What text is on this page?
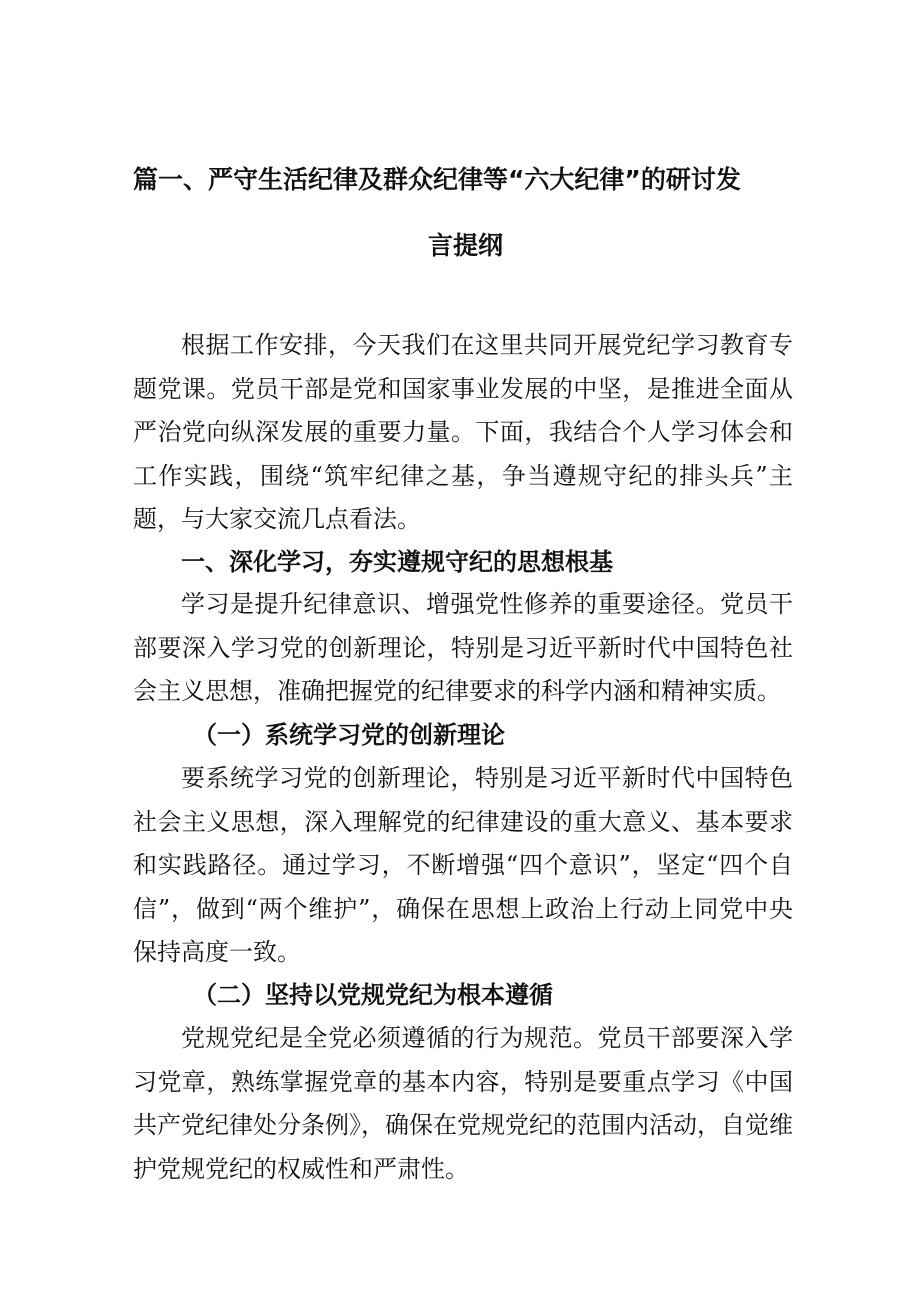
篇一、严守生活纪律及群众纪律等“六大纪律”的研讨发
言提纲

根据工作安排，今天我们在这里共同开展党纪学习教育专题党课。党员干部是党和国家事业发展的中坚，是推进全面从严治党向纵深发展的重要力量。下面，我结合个人学习体会和工作实践，围绕“筑牢纪律之基，争当遵规守纪的排头兵”主题，与大家交流几点看法。

一、深化学习，夯实遵规守纪的思想根基

学习是提升纪律意识、增强党性修养的重要途径。党员干部要深入学习党的创新理论，特别是习近平新时代中国特色社会主义思想，准确把握党的纪律要求的科学内涵和精神实质。

（一）系统学习党的创新理论

要系统学习党的创新理论，特别是习近平新时代中国特色社会主义思想，深入理解党的纪律建设的重大意义、基本要求和实践路径。通过学习，不断增强“四个意识”，坚定“四个自信”，做到“两个维护”，确保在思想上政治上行动上同党中央保持高度一致。

（二）坚持以党规党纪为根本遵循

党规党纪是全党必须遵循的行为规范。党员干部要深入学习党章，熟练掌握党章的基本内容，特别是要重点学习《中国共产党纪律处分条例》，确保在党规党纪的范围内活动，自觉维护党规党纪的权威性和严肃性。
